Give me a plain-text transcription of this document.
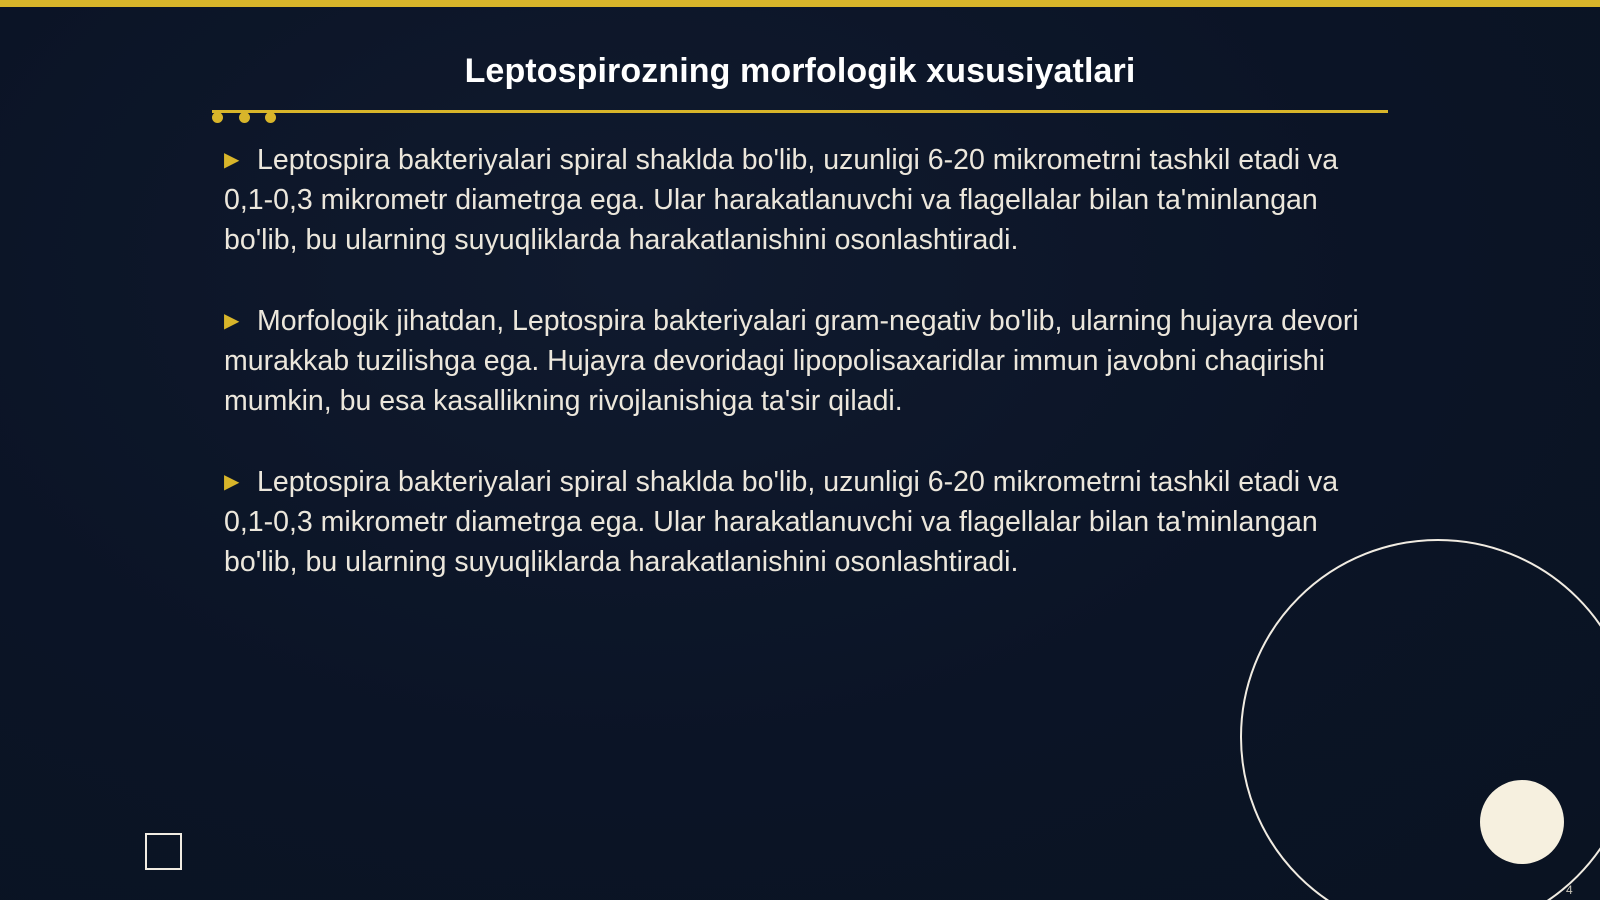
Leptospirozning morfologik xususiyatlari

▶ Leptospira bakteriyalari spiral shaklda bo'lib, uzunligi 6-20 mikrometrni tashkil etadi va 0,1-0,3 mikrometr diametrga ega. Ular harakatlanuvchi va flagellalar bilan ta'minlangan bo'lib, bu ularning suyuqliklarda harakatlanishini osonlashtiradi.

▶ Morfologik jihatdan, Leptospira bakteriyalari gram-negativ bo'lib, ularning hujayra devori murakkab tuzilishga ega. Hujayra devoridagi lipopolisaxaridlar immun javobni chaqirishi mumkin, bu esa kasallikning rivojlanishiga ta'sir qiladi.

▶ Leptospira bakteriyalari spiral shaklda bo'lib, uzunligi 6-20 mikrometrni tashkil etadi va 0,1-0,3 mikrometr diametrga ega. Ular harakatlanuvchi va flagellalar bilan ta'minlangan bo'lib, bu ularning suyuqliklarda harakatlanishini osonlashtiradi.

4
